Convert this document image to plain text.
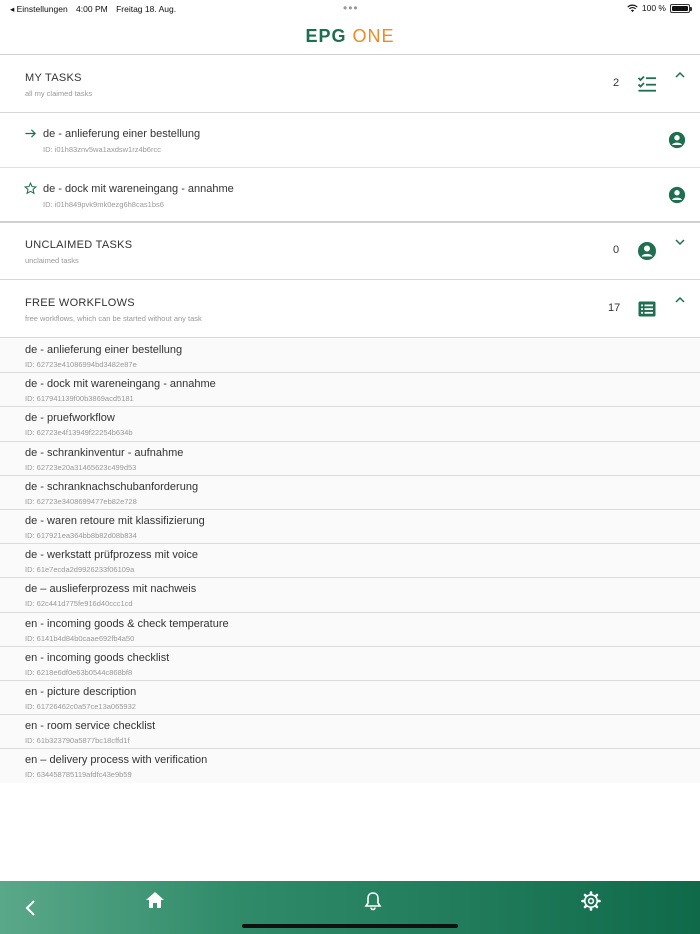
◂ Einstellungen 4:00 PM Freitag 18. Aug.	•••	100 %
EPG ONE
MY TASKS
all my claimed tasks
2
de - anlieferung einer bestellung
ID: i01h83znv5wa1axdsw1rz4b6rcc
de - dock mit wareneingang - annahme
ID: i01h849pvk9mk0ezg6h8cas1bs6
UNCLAIMED TASKS
unclaimed tasks
0
FREE WORKFLOWS
free workflows, which can be started without any task
17
de - anlieferung einer bestellung
ID: 62723e41086994bd3482e87e
de - dock mit wareneingang - annahme
ID: 617941139f00b3869acd5181
de - pruefworkflow
ID: 62723e4f13949f22254b634b
de - schrankinventur - aufnahme
ID: 62723e20a31465623c499d53
de - schranknachschubanforderung
ID: 62723e3408699477eb82e728
de - waren retoure mit klassifizierung
ID: 617921ea364bb8b82d08b834
de - werkstatt prüfprozess mit voice
ID: 61e7ecda2d9926233f06109a
de – auslieferprozess mit nachweis
ID: 62c441d775fe916d40ccc1cd
en - incoming goods & check temperature
ID: 6141b4d84b0caae692fb4a50
en - incoming goods checklist
ID: 6218e6df0e63b0544c868bf8
en - picture description
ID: 61726462c0a57ce13a065932
en - room service checklist
ID: 61b323790a5877bc18cffd1f
en – delivery process with verification
ID: 634458785119afdfc43e9b59
